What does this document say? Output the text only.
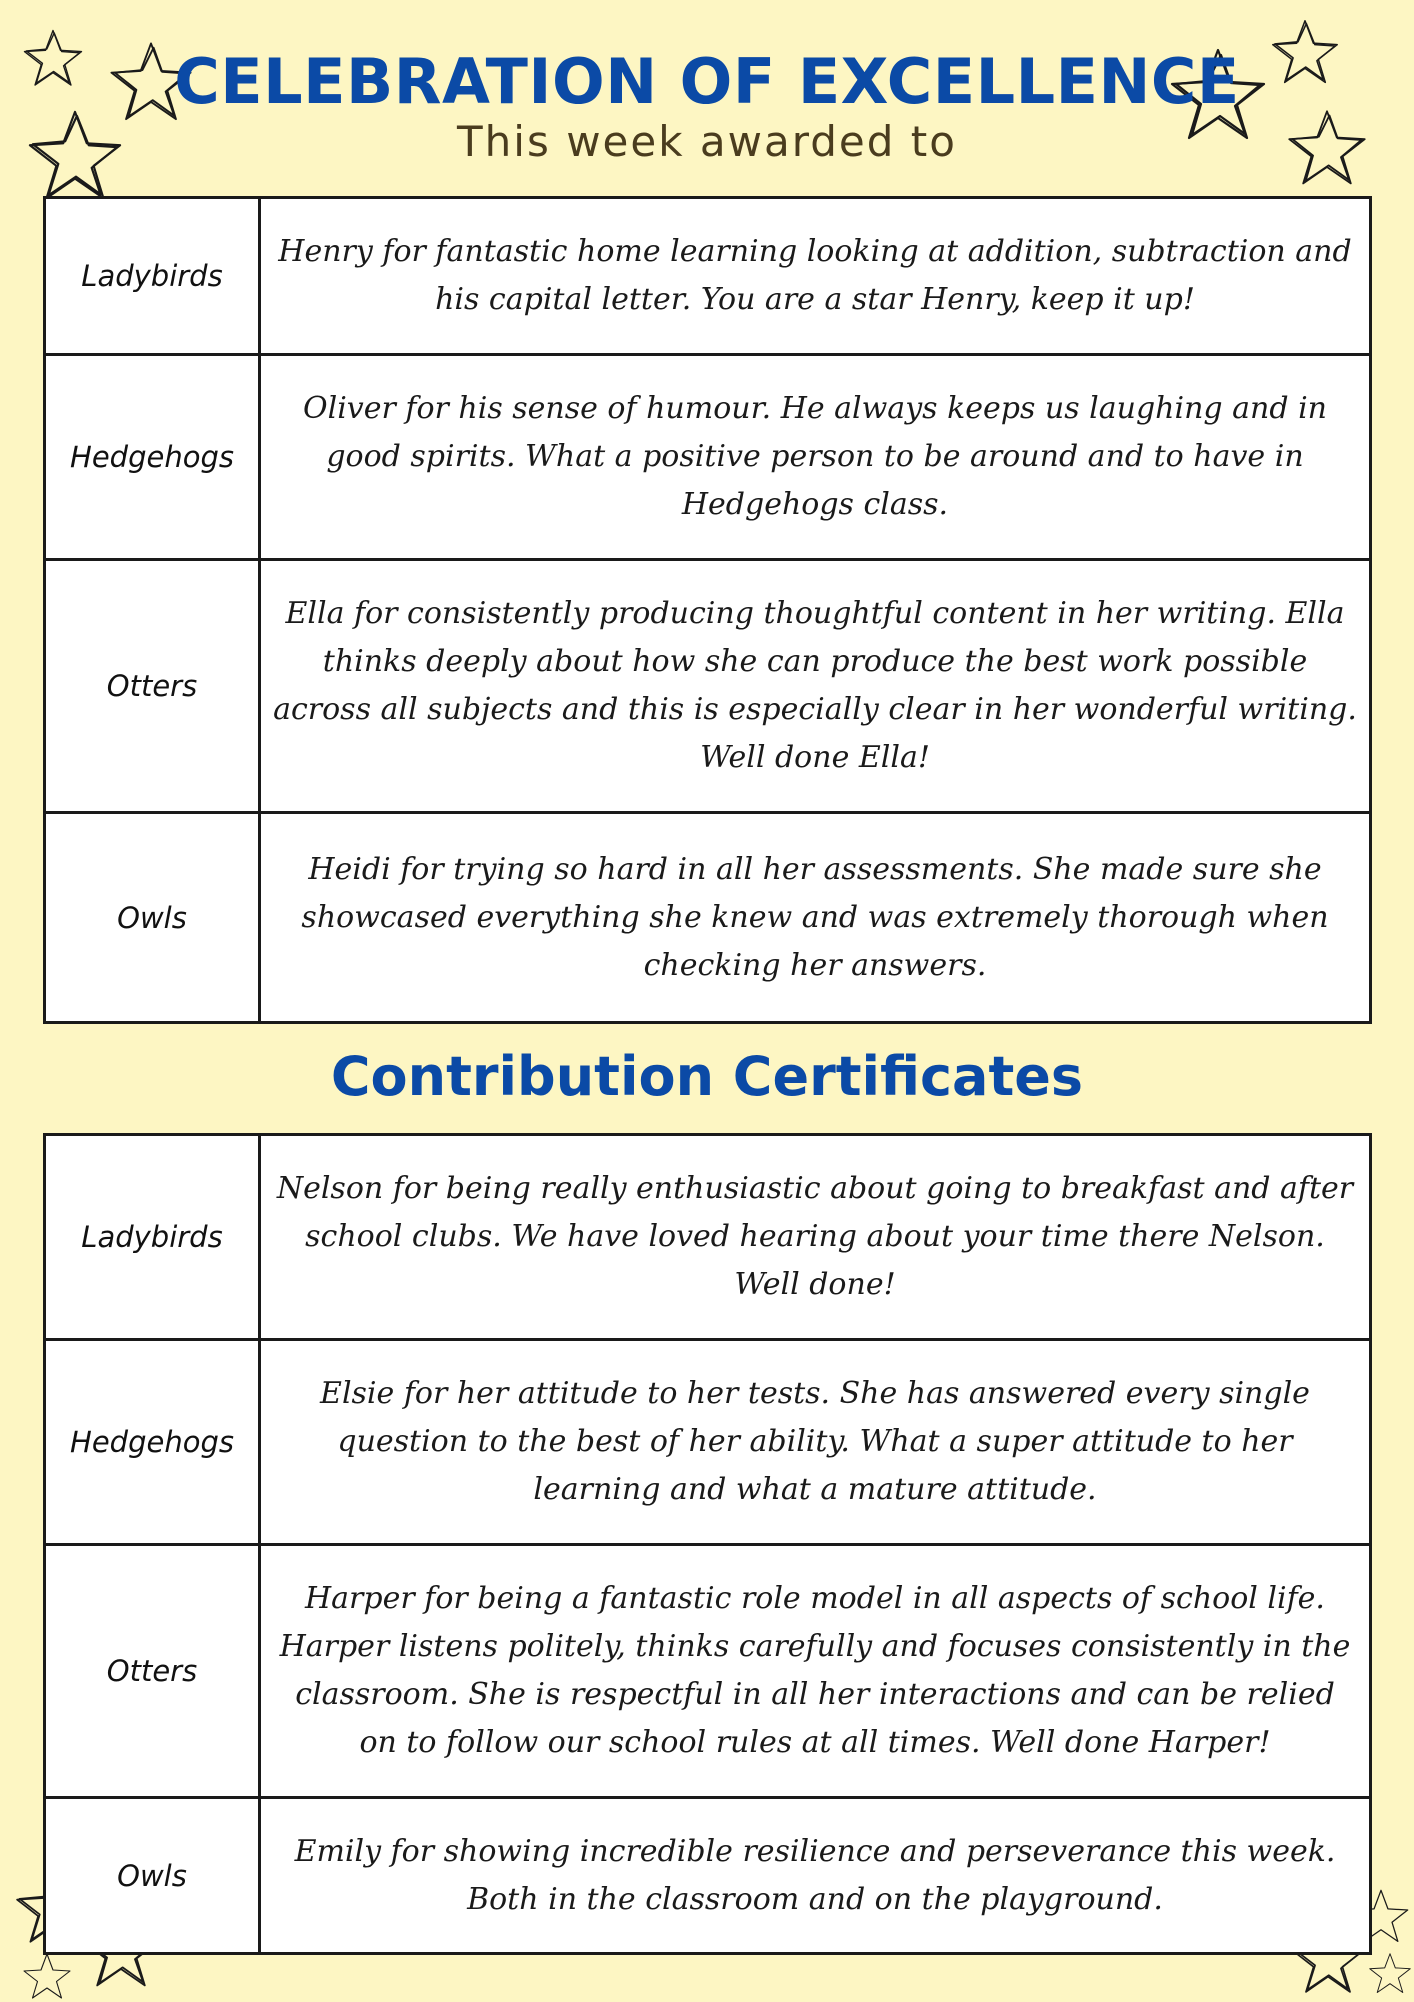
CELEBRATION OF EXCELLENCE
This week awarded to
Ladybirds	Henry for fantastic home learning looking at addition, subtraction and his capital letter. You are a star Henry, keep it up!
Hedgehogs	Oliver for his sense of humour. He always keeps us laughing and in good spirits. What a positive person to be around and to have in Hedgehogs class.
Otters	Ella for consistently producing thoughtful content in her writing. Ella thinks deeply about how she can produce the best work possible across all subjects and this is especially clear in her wonderful writing. Well done Ella!
Owls	Heidi for trying so hard in all her assessments. She made sure she showcased everything she knew and was extremely thorough when checking her answers.
Contribution Certificates
Ladybirds	Nelson for being really enthusiastic about going to breakfast and after school clubs. We have loved hearing about your time there Nelson. Well done!
Hedgehogs	Elsie for her attitude to her tests. She has answered every single question to the best of her ability. What a super attitude to her learning and what a mature attitude.
Otters	Harper for being a fantastic role model in all aspects of school life. Harper listens politely, thinks carefully and focuses consistently in the classroom. She is respectful in all her interactions and can be relied on to follow our school rules at all times. Well done Harper!
Owls	Emily for showing incredible resilience and perseverance this week. Both in the classroom and on the playground.
